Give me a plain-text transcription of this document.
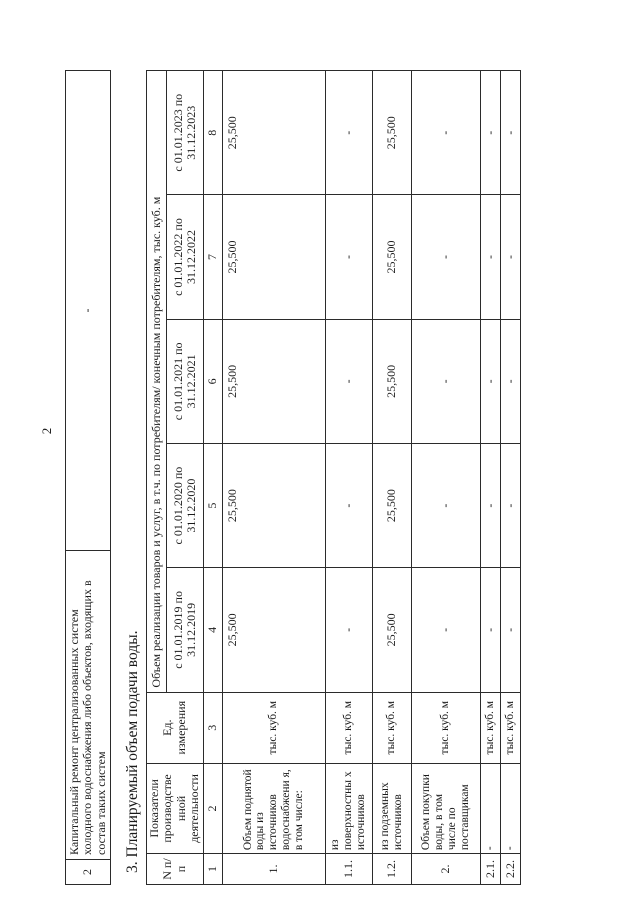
2
2	Капитальный ремонт централизованных систем холодного водоснабжения либо объектов, входящих в состав таких систем	-
3. Планируемый объем подачи воды. N п/п	Показатели производстве нной деятельности	Ед. измерения	Объем реализации товаров и услуг, в т.ч. по потребителям/ конечным потребителям, тыс. куб. м				
			с 01.01.2019 по 31.12.2019	с 01.01.2020 по 31.12.2020	с 01.01.2021 по 31.12.2021	с 01.01.2022 по 31.12.2022	с 01.01.2023 по 31.12.2023
1	2	3	4	5	6	7	8
1.	Объем поднятой воды из источников водоснабжени я, в том числе:	тыс. куб. м	25,500	25,500	25,500	25,500	25,500
1.1.	из поверхностны х источников	тыс. куб. м	-	-	-	-	-
1.2.	из подземных источников	тыс. куб. м	25,500	25,500	25,500	25,500	25,500
2.	Объем покупки воды, в том числе по поставщикам	тыс. куб. м	-	-	-	-	-
2.1.	-	тыс. куб. м	-	-	-	-	-
2.2.	-	тыс. куб. м	-	-	-	-	-
